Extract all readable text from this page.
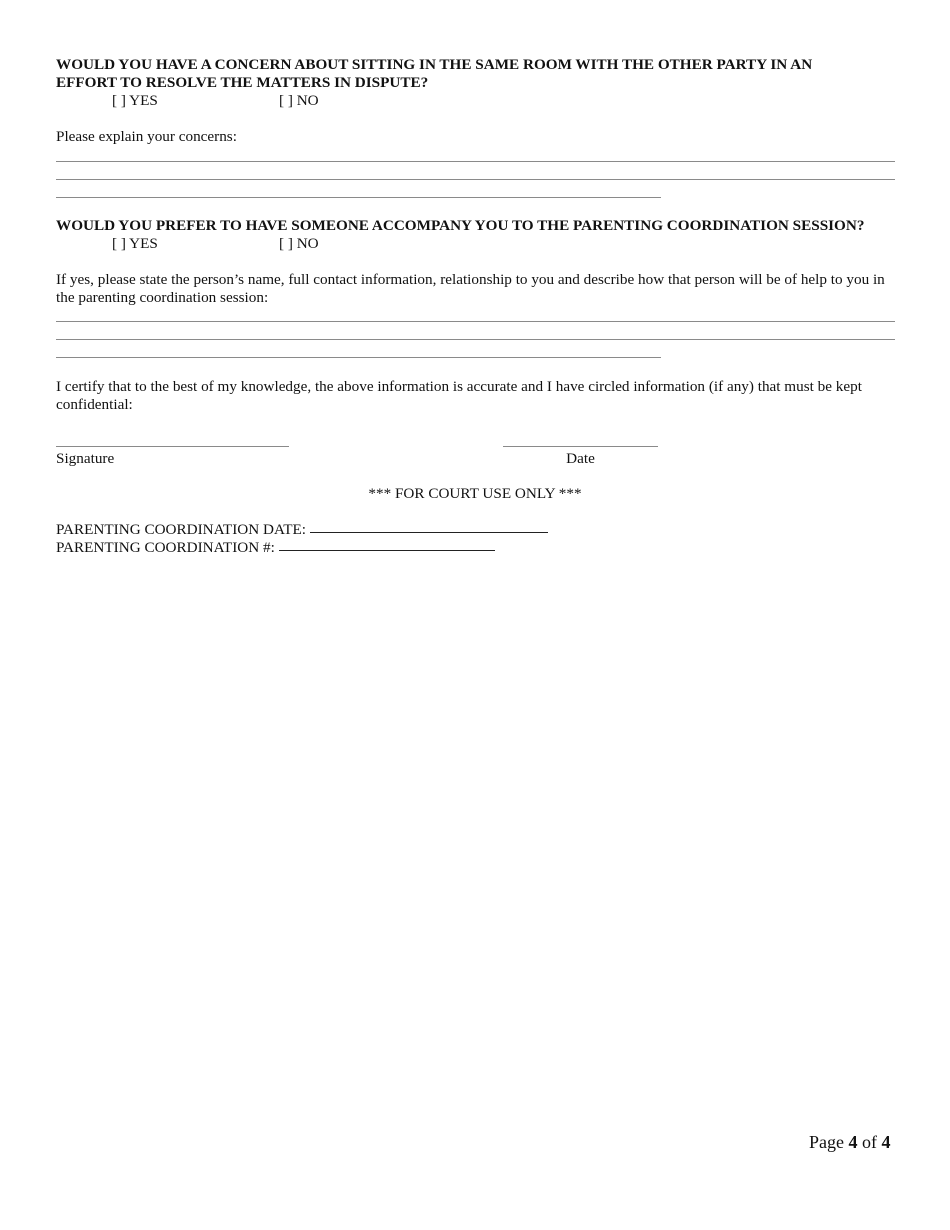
WOULD YOU HAVE A CONCERN ABOUT SITTING IN THE SAME ROOM WITH THE OTHER PARTY IN AN
EFFORT TO RESOLVE THE MATTERS IN DISPUTE?
[ ] YES	[ ] NO
Please explain your concerns:
WOULD YOU PREFER TO HAVE SOMEONE ACCOMPANY YOU TO THE PARENTING COORDINATION SESSION?
[ ] YES	[ ] NO
If yes, please state the person’s name, full contact information, relationship to you and describe how that person will be of help to you in the parenting coordination session:
I certify that to the best of my knowledge, the above information is accurate and I have circled information (if any) that must be kept confidential:
Signature	Date
*** FOR COURT USE ONLY ***
PARENTING COORDINATION DATE:
PARENTING COORDINATION #:
Page 4 of 4
